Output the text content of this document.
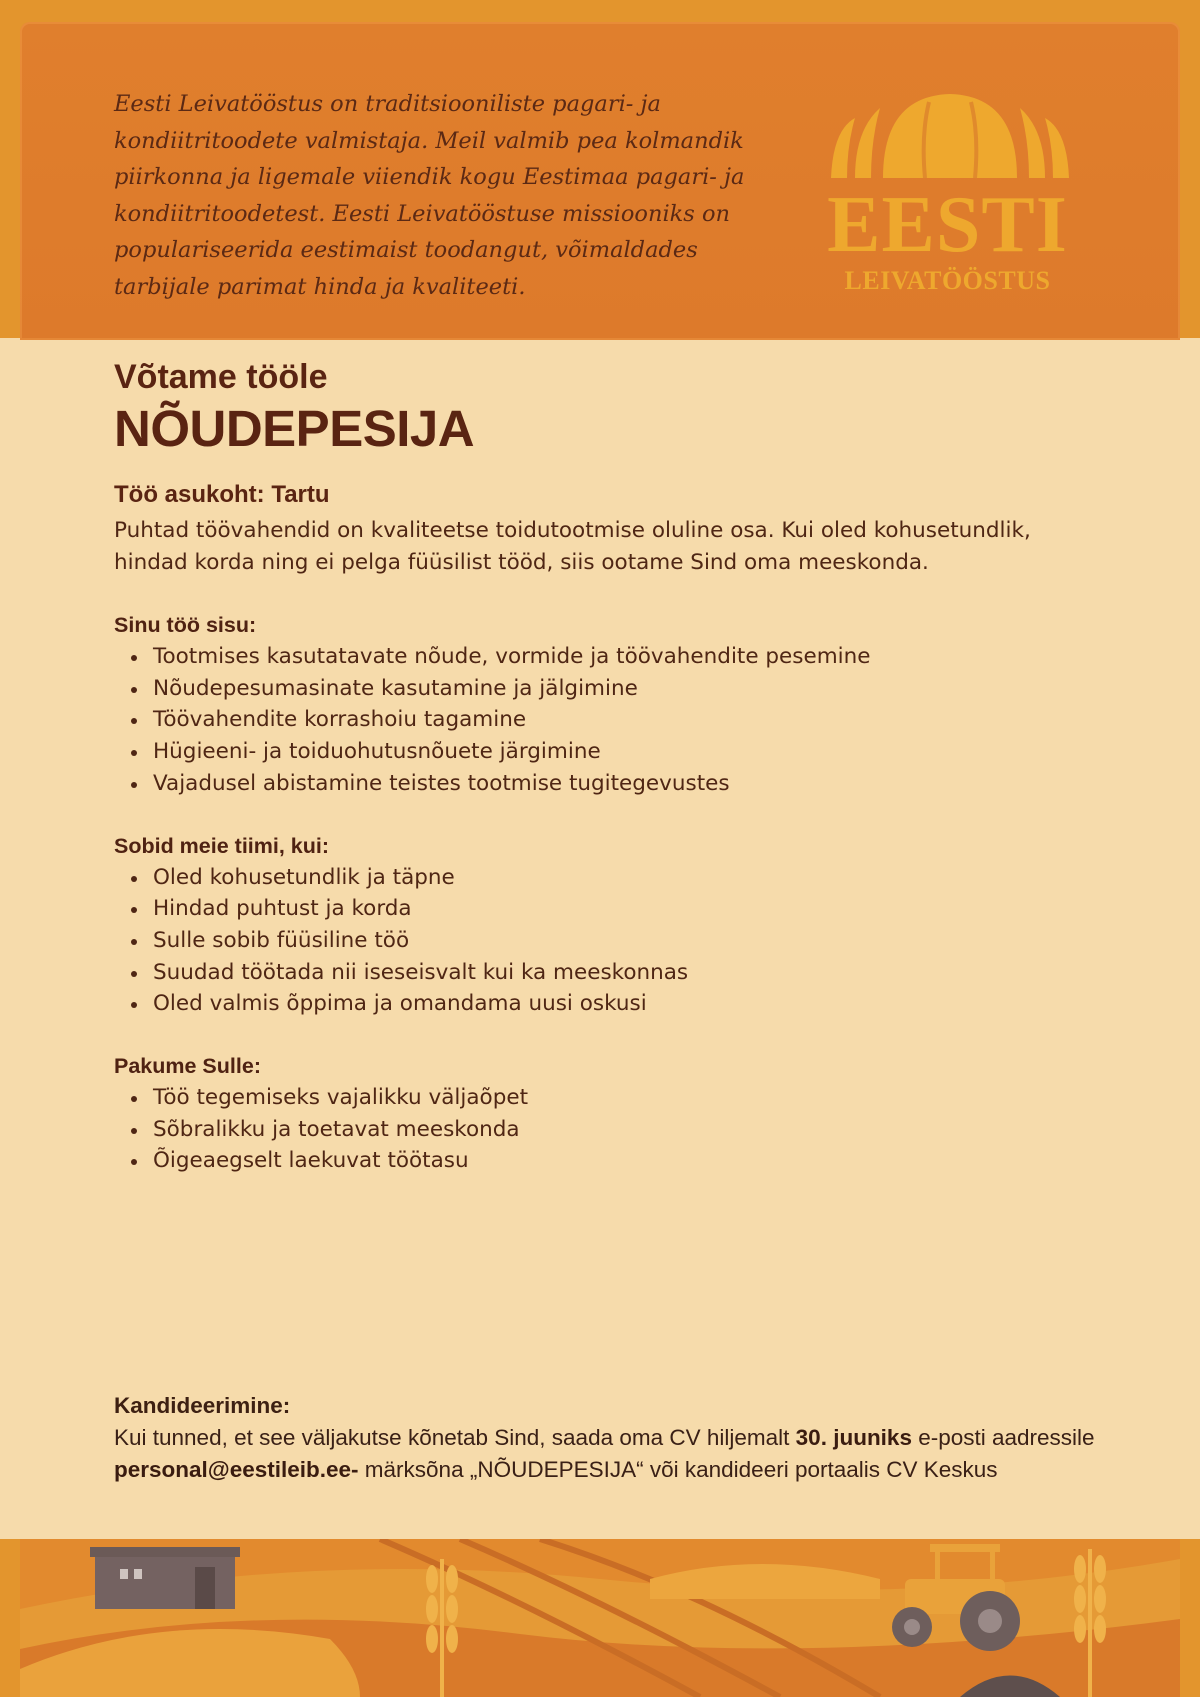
Eesti Leivatööstus on traditsiooniliste pagari- ja kondiitritoodete valmistaja. Meil valmib pea kolmandik piirkonna ja ligemale viiendik kogu Eestimaa pagari- ja kondiitritoodetest. Eesti Leivatööstuse missiooniks on populariseerida eestimaist toodangut, võimaldades tarbijale parimat hinda ja kvaliteeti.

EESTI
LEIVATÖÖSTUS
Võtame tööle
NÕUDEPESIJA
Töö asukoht: Tartu

Puhtad töövahendid on kvaliteetse toidutootmise oluline osa. Kui oled kohusetundlik, hindad korda ning ei pelga füüsilist tööd, siis ootame Sind oma meeskonda.

Sinu töö sisu:
Tootmises kasutatavate nõude, vormide ja töövahendite pesemine
Nõudepesumasinate kasutamine ja jälgimine
Töövahendite korrashoiu tagamine
Hügieeni- ja toiduohutusnõuete järgimine
Vajadusel abistamine teistes tootmise tugitegevustes
Sobid meie tiimi, kui:
Oled kohusetundlik ja täpne
Hindad puhtust ja korda
Sulle sobib füüsiline töö
Suudad töötada nii iseseisvalt kui ka meeskonnas
Oled valmis õppima ja omandama uusi oskusi
Pakume Sulle:
Töö tegemiseks vajalikku väljaõpet
Sõbralikku ja toetavat meeskonda
Õigeaegselt laekuvat töötasu
Kandideerimine:

Kui tunned, et see väljakutse kõnetab Sind, saada oma CV hiljemalt 30. juuniks e-posti aadressile personal@eestileib.ee- märksõna „NÕUDEPESIJA“ või kandideeri portaalis CV Keskus
